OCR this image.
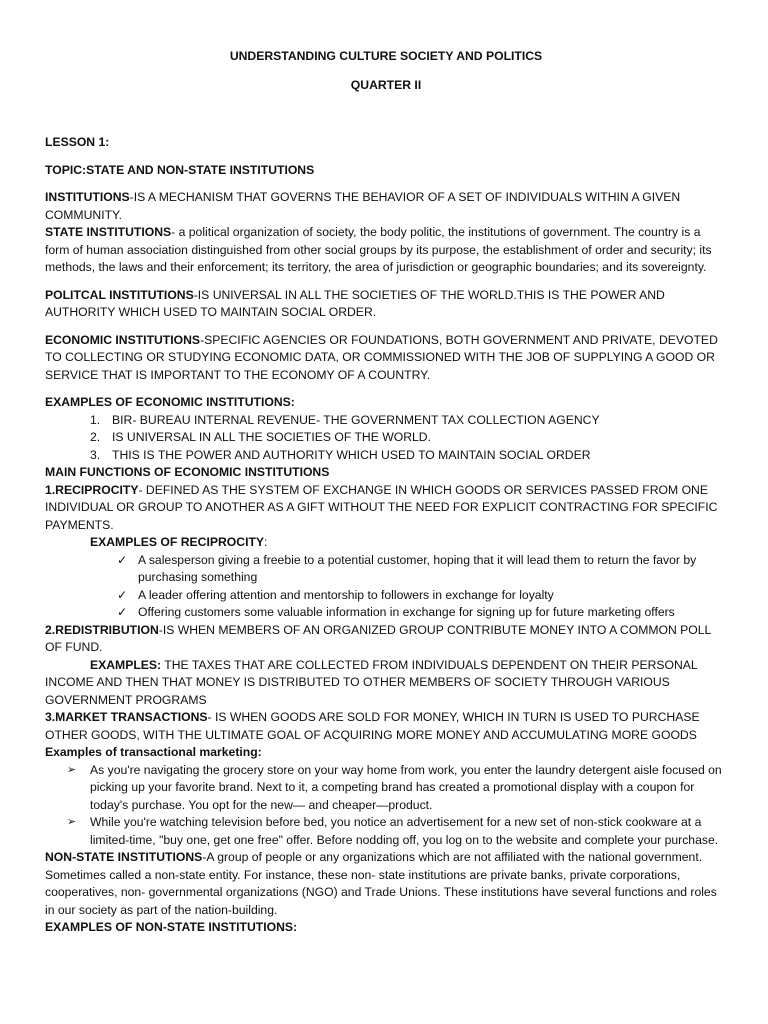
UNDERSTANDING CULTURE SOCIETY AND POLITICS
QUARTER II

LESSON 1:

TOPIC:STATE AND NON-STATE INSTITUTIONS

INSTITUTIONS-IS A MECHANISM THAT GOVERNS THE BEHAVIOR OF A SET OF INDIVIDUALS WITHIN A GIVEN COMMUNITY.

STATE INSTITUTIONS- a political organization of society, the body politic, the institutions of government. The country is a form of human association distinguished from other social groups by its purpose, the establishment of order and security; its methods, the laws and their enforcement; its territory, the area of jurisdiction or geographic boundaries; and its sovereignty.

POLITCAL INSTITUTIONS-IS UNIVERSAL IN ALL THE SOCIETIES OF THE WORLD.THIS IS THE POWER AND AUTHORITY WHICH USED TO MAINTAIN SOCIAL ORDER.

ECONOMIC INSTITUTIONS-SPECIFIC AGENCIES OR FOUNDATIONS, BOTH GOVERNMENT AND PRIVATE, DEVOTED TO COLLECTING OR STUDYING ECONOMIC DATA, OR COMMISSIONED WITH THE JOB OF SUPPLYING A GOOD OR SERVICE THAT IS IMPORTANT TO THE ECONOMY OF A COUNTRY.

EXAMPLES OF ECONOMIC INSTITUTIONS:

1. BIR- BUREAU INTERNAL REVENUE- THE GOVERNMENT TAX COLLECTION AGENCY
2. IS UNIVERSAL IN ALL THE SOCIETIES OF THE WORLD.
3. THIS IS THE POWER AND AUTHORITY WHICH USED TO MAINTAIN SOCIAL ORDER

MAIN FUNCTIONS OF ECONOMIC INSTITUTIONS

1.RECIPROCITY- DEFINED AS THE SYSTEM OF EXCHANGE IN WHICH GOODS OR SERVICES PASSED FROM ONE INDIVIDUAL OR GROUP TO ANOTHER AS A GIFT WITHOUT THE NEED FOR EXPLICIT CONTRACTING FOR SPECIFIC PAYMENTS.

EXAMPLES OF RECIPROCITY:

✓ A salesperson giving a freebie to a potential customer, hoping that it will lead them to return the favor by purchasing something
✓ A leader offering attention and mentorship to followers in exchange for loyalty
✓ Offering customers some valuable information in exchange for signing up for future marketing offers

2.REDISTRIBUTION-IS WHEN MEMBERS OF AN ORGANIZED GROUP CONTRIBUTE MONEY INTO A COMMON POLL OF FUND.

EXAMPLES: THE TAXES THAT ARE COLLECTED FROM INDIVIDUALS DEPENDENT ON THEIR PERSONAL INCOME AND THEN THAT MONEY IS DISTRIBUTED TO OTHER MEMBERS OF SOCIETY THROUGH VARIOUS GOVERNMENT PROGRAMS

3.MARKET TRANSACTIONS- IS WHEN GOODS ARE SOLD FOR MONEY, WHICH IN TURN IS USED TO PURCHASE OTHER GOODS, WITH THE ULTIMATE GOAL OF ACQUIRING MORE MONEY AND ACCUMULATING MORE GOODS

Examples of transactional marketing:

➢ As you're navigating the grocery store on your way home from work, you enter the laundry detergent aisle focused on picking up your favorite brand. Next to it, a competing brand has created a promotional display with a coupon for today's purchase. You opt for the new— and cheaper—product.
➢ While you're watching television before bed, you notice an advertisement for a new set of non-stick cookware at a limited-time, "buy one, get one free" offer. Before nodding off, you log on to the website and complete your purchase.

NON-STATE INSTITUTIONS-A group of people or any organizations which are not affiliated with the national government. Sometimes called a non-state entity. For instance, these non- state institutions are private banks, private corporations, cooperatives, non- governmental organizations (NGO) and Trade Unions. These institutions have several functions and roles in our society as part of the nation-building.

EXAMPLES OF NON-STATE INSTITUTIONS:
